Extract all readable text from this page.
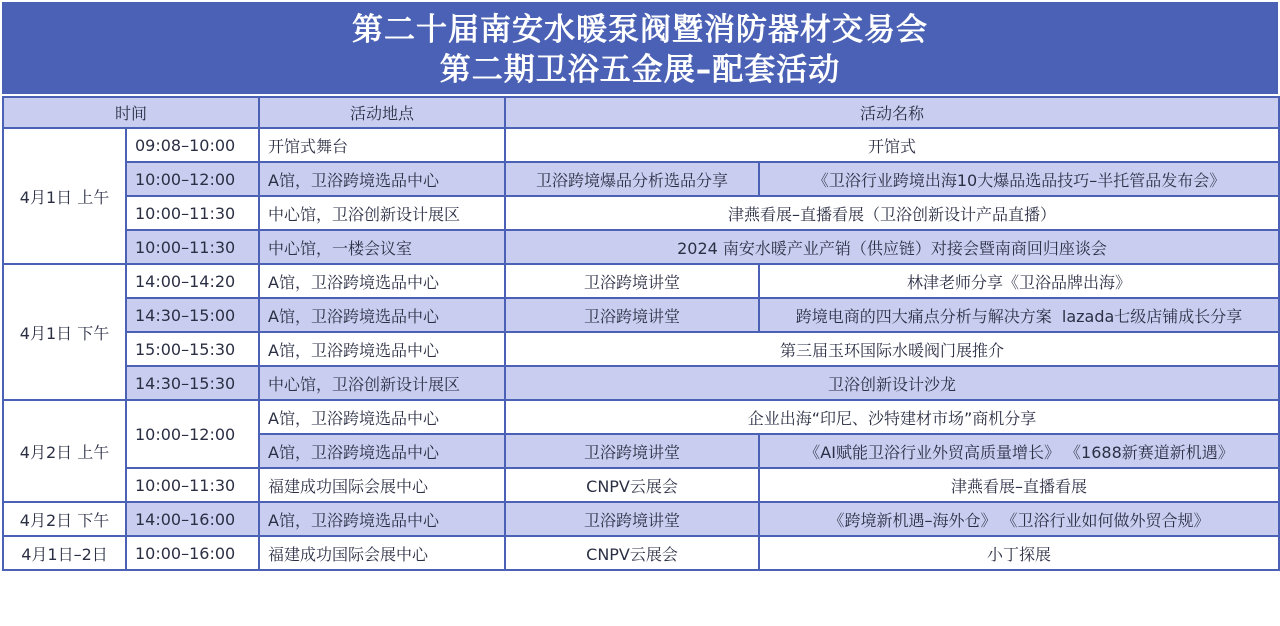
第二十届南安水暖泵阀暨消防器材交易会
第二期卫浴五金展–配套活动
时间		活动地点	活动名称	
4月1日 上午	09:08–10:00	开馆式舞台	开馆式	
	10:00–12:00	A馆，卫浴跨境选品中心	卫浴跨境爆品分析选品分享	《卫浴行业跨境出海10大爆品选品技巧–半托管品发布会》
	10:00–11:30	中心馆，卫浴创新设计展区	津燕看展–直播看展（卫浴创新设计产品直播）	
	10:00–11:30	中心馆，一楼会议室	2024 南安水暖产业产销（供应链）对接会暨南商回归座谈会	
4月1日 下午	14:00–14:20	A馆，卫浴跨境选品中心	卫浴跨境讲堂	林津老师分享《卫浴品牌出海》
	14:30–15:00	A馆，卫浴跨境选品中心	卫浴跨境讲堂	跨境电商的四大痛点分析与解决方案  lazada七级店铺成长分享
	15:00–15:30	A馆，卫浴跨境选品中心	第三届玉环国际水暖阀门展推介	
	14:30–15:30	中心馆，卫浴创新设计展区	卫浴创新设计沙龙	
4月2日 上午	10:00–12:00	A馆，卫浴跨境选品中心	企业出海“印尼、沙特建材市场”商机分享	
		A馆，卫浴跨境选品中心	卫浴跨境讲堂	《AI赋能卫浴行业外贸高质量增长》 《1688新赛道新机遇》
	10:00–11:30	福建成功国际会展中心	CNPV云展会	津燕看展–直播看展
4月2日 下午	14:00–16:00	A馆，卫浴跨境选品中心	卫浴跨境讲堂	《跨境新机遇–海外仓》 《卫浴行业如何做外贸合规》
4月1日–2日	10:00–16:00	福建成功国际会展中心	CNPV云展会	小丁探展
